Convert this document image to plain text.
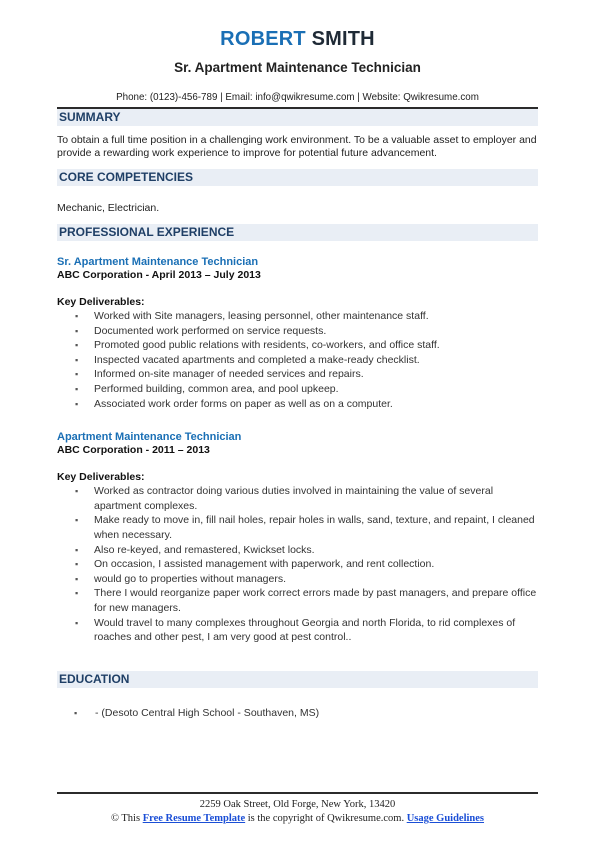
ROBERT SMITH
Sr. Apartment Maintenance Technician
Phone: (0123)-456-789 | Email: info@qwikresume.com | Website: Qwikresume.com
SUMMARY
To obtain a full time position in a challenging work environment. To be a valuable asset to employer and provide a rewarding work experience to improve for potential future advancement.
CORE COMPETENCIES
Mechanic, Electrician.
PROFESSIONAL EXPERIENCE
Sr. Apartment Maintenance Technician
ABC Corporation - April 2013 – July 2013
Key Deliverables:
▪ Worked with Site managers, leasing personnel, other maintenance staff.
▪ Documented work performed on service requests.
▪ Promoted good public relations with residents, co-workers, and office staff.
▪ Inspected vacated apartments and completed a make-ready checklist.
▪ Informed on-site manager of needed services and repairs.
▪ Performed building, common area, and pool upkeep.
▪ Associated work order forms on paper as well as on a computer.
Apartment Maintenance Technician
ABC Corporation - 2011 – 2013
Key Deliverables:
▪ Worked as contractor doing various duties involved in maintaining the value of several apartment complexes.
▪ Make ready to move in, fill nail holes, repair holes in walls, sand, texture, and repaint, I cleaned when necessary.
▪ Also re-keyed, and remastered, Kwickset locks.
▪ On occasion, I assisted management with paperwork, and rent collection.
▪ would go to properties without managers.
▪ There I would reorganize paper work correct errors made by past managers, and prepare office for new managers.
▪ Would travel to many complexes throughout Georgia and north Florida, to rid complexes of roaches and other pest, I am very good at pest control..
EDUCATION
▪ - (Desoto Central High School - Southaven, MS)
2259 Oak Street, Old Forge, New York, 13420
© This Free Resume Template is the copyright of Qwikresume.com. Usage Guidelines
